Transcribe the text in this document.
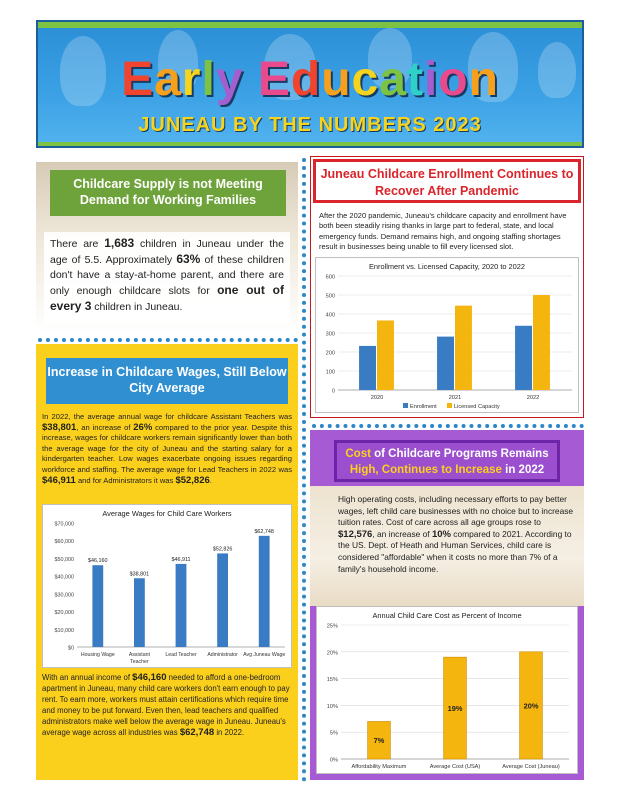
Early Education
JUNEAU BY THE NUMBERS 2023
Childcare Supply is not Meeting Demand for Working Families
There are 1,683 children in Juneau under the age of 5.5. Approximately 63% of these children don't have a stay-at-home parent, and there are only enough childcare slots for one out of every 3 children in Juneau.
Increase in Childcare Wages, Still Below City Average
In 2022, the average annual wage for childcare Assistant Teachers was $38,801, an increase of 26% compared to the prior year. Despite this increase, wages for childcare workers remain significantly lower than both the average wage for the city of Juneau and the starting salary for a kindergarten teacher. Low wages exacerbate ongoing issues regarding workforce and staffing. The average wage for Lead Teachers in 2022 was $46,911 and for Administrators it was $52,826.
Average Wages for Child Care Workers
$0
$10,000
$20,000
$30,000
$40,000
$50,000
$60,000
$70,000
$46,160
Housing Wage
$38,801
Assistant
Teacher
$46,911
Lead Teacher
$52,826
Administrator
$62,748
Avg Juneau Wage
With an annual income of $46,160 needed to afford a one-bedroom apartment in Juneau, many child care workers don't earn enough to pay rent. To earn more, workers must attain certifications which require time and money to be put forward. Even then, lead teachers and qualified administrators make well below the average wage in Juneau. Juneau's average wage across all industries was $62,748 in 2022.
Juneau Childcare Enrollment Continues to Recover After Pandemic
After the 2020 pandemic, Juneau's childcare capacity and enrollment have both been steadily rising thanks in large part to federal, state, and local emergency funds. Demand remains high, and ongoing staffing shortages result in businesses being unable to fill every licensed slot.
Enrollment vs. Licensed Capacity, 2020 to 2022
0
100
200
300
400
500
600
2020	2021	2022
Enrollment	Licensed Capacity
Cost of Childcare Programs Remains High, Continues to Increase in 2022
High operating costs, including necessary efforts to pay better wages, left child care businesses with no choice but to increase tuition rates. Cost of care across all age groups rose to $12,576, an increase of 10% compared to 2021. According to the US. Dept. of Heath and Human Services, child care is considered "affordable" when it costs no more than 7% of a family's household income.
Annual Child Care Cost as Percent of Income
0%
5%
10%
15%
20%
25%
7%
Affordability Maximum
19%
Average Cost (USA)
20%
Average Cost (Juneau)
